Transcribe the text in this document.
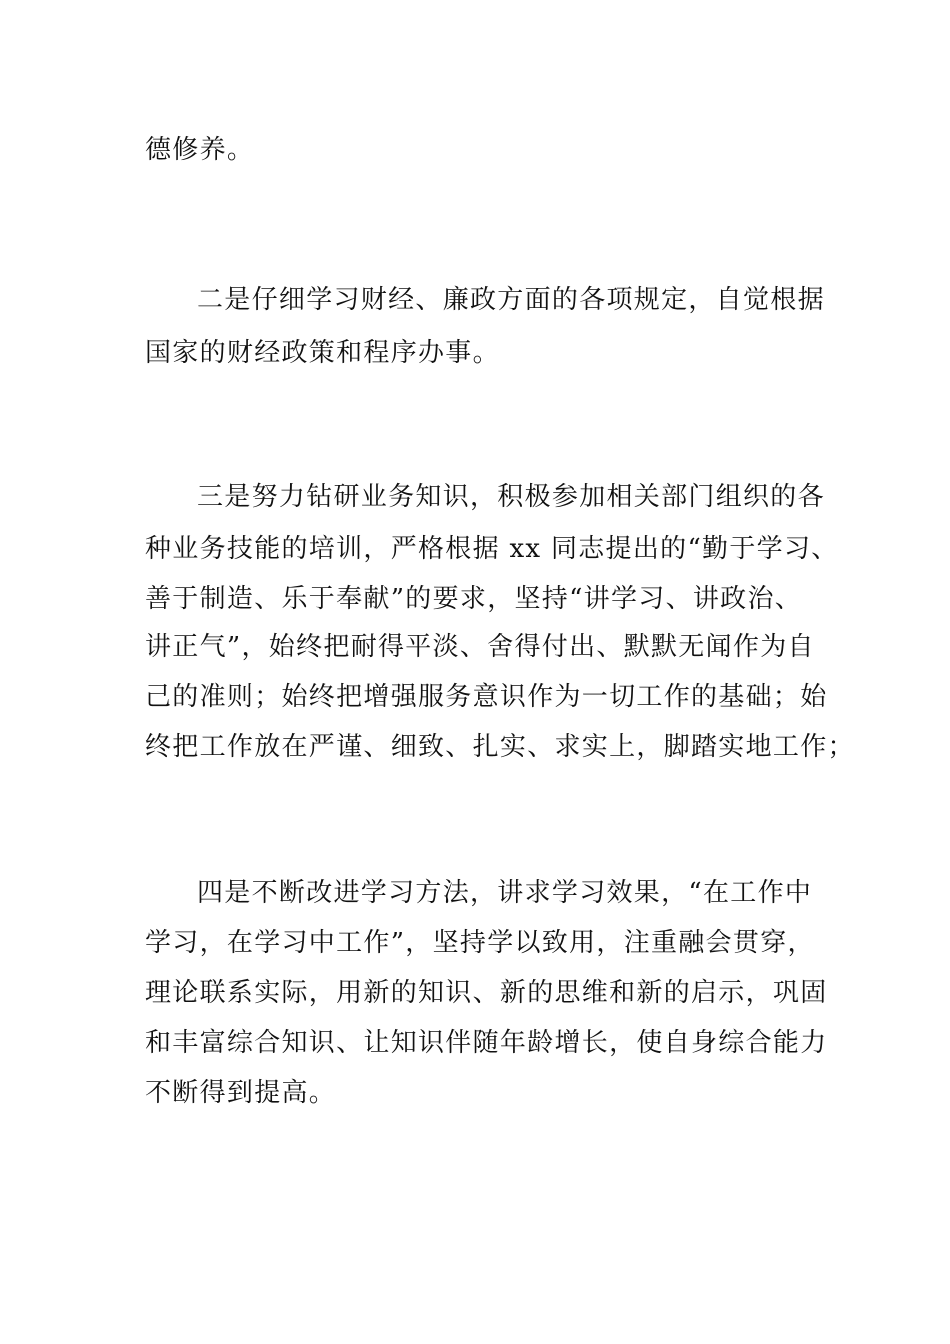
德修养。
二是仔细学习财经、廉政方面的各项规定，自觉根据
国家的财经政策和程序办事。
三是努力钻研业务知识，积极参加相关部门组织的各
种业务技能的培训，严格根据 xx 同志提出的“勤于学习、
善于制造、乐于奉献”的要求，坚持“讲学习、讲政治、
讲正气”，始终把耐得平淡、舍得付出、默默无闻作为自
己的准则；始终把增强服务意识作为一切工作的基础；始
终把工作放在严谨、细致、扎实、求实上，脚踏实地工作；
四是不断改进学习方法，讲求学习效果，“在工作中
学习，在学习中工作”，坚持学以致用，注重融会贯穿，
理论联系实际，用新的知识、新的思维和新的启示，巩固
和丰富综合知识、让知识伴随年龄增长，使自身综合能力
不断得到提高。
